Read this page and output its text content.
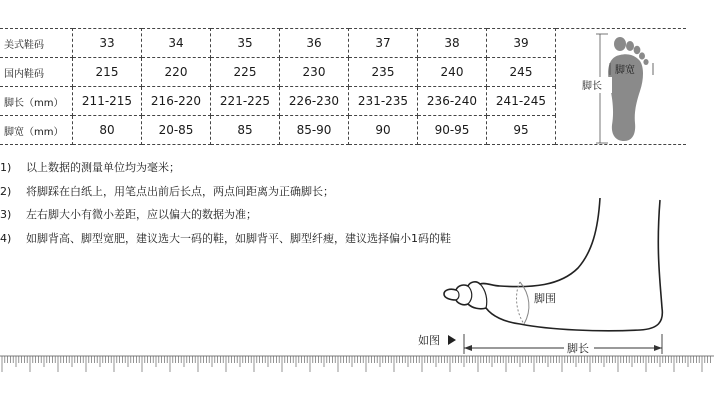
美式鞋码	33	34	35	36	37	38	39	脚宽
脚长

国内鞋码	215	220	225	230	235	240	245	
脚长（mm）	211-215	216-220	221-225	226-230	231-235	236-240	241-245	
脚宽（mm）	80	20-85	85	85-90	90	90-95	95	
1) 以上数据的测量单位均为毫米；
2) 将脚踩在白纸上，用笔点出前后长点，两点间距离为正确脚长；
3) 左右脚大小有微小差距，应以偏大的数据为准；
4) 如脚背高、脚型宽肥，建议选大一码的鞋，如脚背平、脚型纤瘦，建议选择偏小1码的鞋
脚围
脚长
如图
